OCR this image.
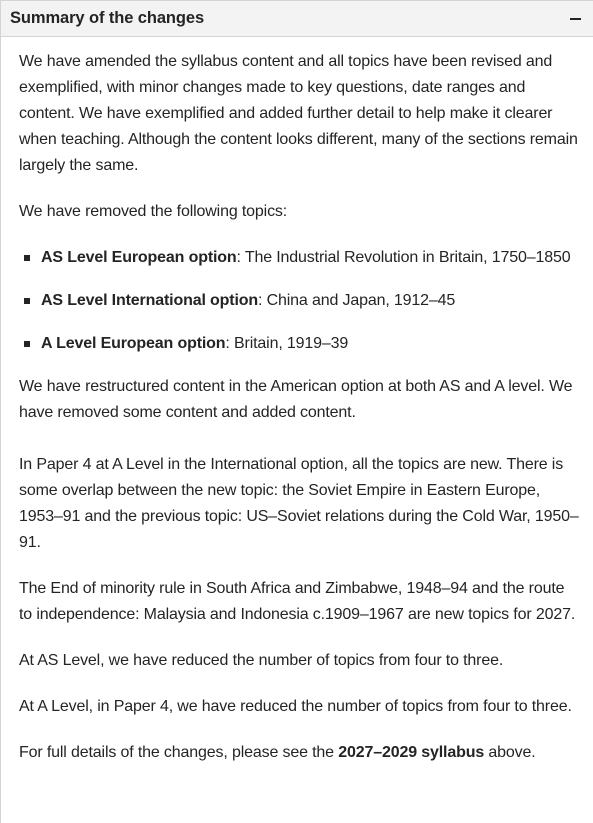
Summary of the changes

We have amended the syllabus content and all topics have been revised and exemplified, with minor changes made to key questions, date ranges and content. We have exemplified and added further detail to help make it clearer when teaching. Although the content looks different, many of the sections remain largely the same.

We have removed the following topics:

AS Level European option: The Industrial Revolution in Britain, 1750–1850
AS Level International option: China and Japan, 1912–45
A Level European option: Britain, 1919–39

We have restructured content in the American option at both AS and A level. We have removed some content and added content.

In Paper 4 at A Level in the International option, all the topics are new. There is some overlap between the new topic: the Soviet Empire in Eastern Europe, 1953–91 and the previous topic: US–Soviet relations during the Cold War, 1950–91.

The End of minority rule in South Africa and Zimbabwe, 1948–94 and the route to independence: Malaysia and Indonesia c.1909–1967 are new topics for 2027.

At AS Level, we have reduced the number of topics from four to three.

At A Level, in Paper 4, we have reduced the number of topics from four to three.

For full details of the changes, please see the 2027–2029 syllabus above.
